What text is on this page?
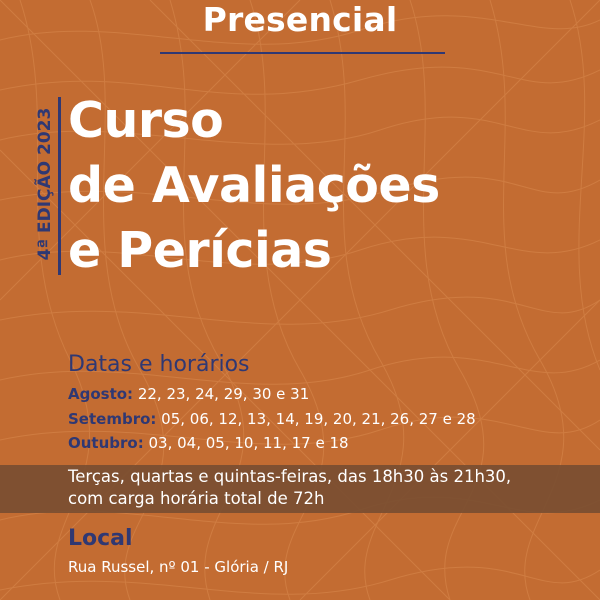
Presencial
4ª EDIÇÃO 2023 Curso
de Avaliações
e Perícias
Datas e horários
Agosto: 22, 23, 24, 29, 30 e 31
Setembro: 05, 06, 12, 13, 14, 19, 20, 21, 26, 27 e 28
Outubro: 03, 04, 05, 10, 11, 17 e 18
Terças, quartas e quintas-feiras, das 18h30 às 21h30,
com carga horária total de 72h
Local
Rua Russel, nº 01 - Glória / RJ
